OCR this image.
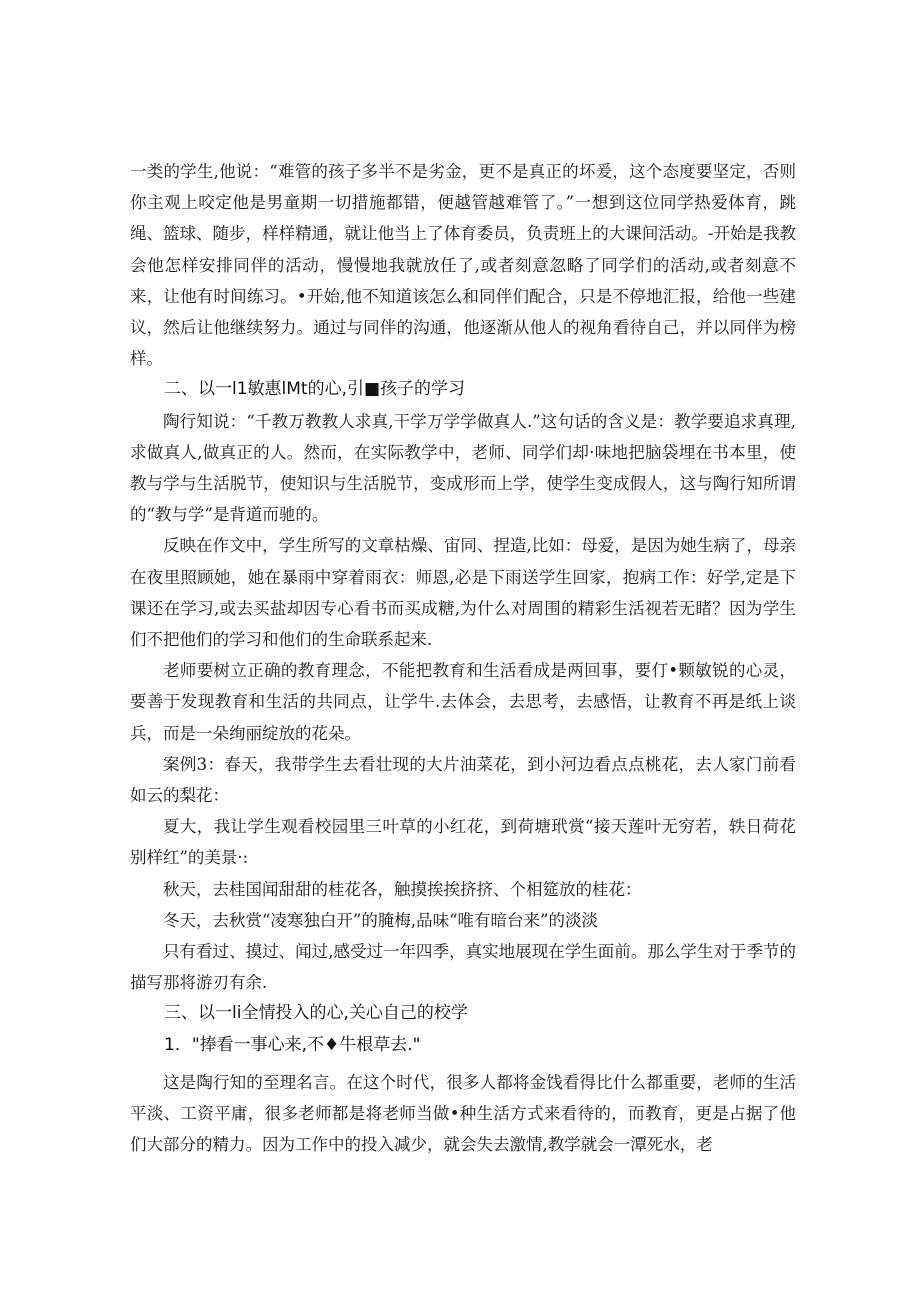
一类的学生,他说：“难管的孩子多半不是劣金，更不是真正的坏爰，这个态度要坚定，否则你主观上咬定他是男童期一切措施都错，便越管越难管了。”一想到这位同学热爱体育，跳绳、篮球、随步，样样精通，就让他当上了体育委员，负责班上的大课间活动。-开始是我教会他怎样安排同伴的活动，慢慢地我就放任了,或者刻意忽略了同学们的活动,或者刻意不来，让他有时间练习。•开始,他不知道该怎么和同伴们配合，只是不停地汇报，给他一些建议，然后让他继续努力。通过与同伴的沟通，他逐渐从他人的视角看待自己，并以同伴为榜样。

二、以一l1敏惠lMt的心,引■孩子的学习

陶行知说：“千教万教教人求真,干学万学学做真人.”这句话的含义是：教学要追求真理,求做真人,做真正的人。然而，在实际教学中，老师、同学们却·味地把脑袋埋在书本里，使教与学与生活脱节，使知识与生活脱节，变成形而上学，使学生变成假人，这与陶行知所谓的“教与学”是背道而驰的。

反映在作文中，学生所写的文章枯燥、宙同、捏造,比如：母爱，是因为她生病了，母亲在夜里照顾她，她在暴雨中穿着雨衣：师恩,必是下雨送学生回家，抱病工作：好学,定是下课还在学习,或去买盐却因专心看书而买成糖,为什么对周围的精彩生活视若无睹？因为学生们不把他们的学习和他们的生命联系起来.

老师要树立正确的教育理念，不能把教育和生活看成是两回事，要仃•颗敏锐的心灵，要善于发现教育和生活的共同点，让学牛.去体会，去思考，去感悟，让教育不再是纸上谈兵，而是一朵绚丽绽放的花朵。

案例3：春天，我带学生去看壮现的大片油菜花，到小河边看点点桃花，去人家门前看如云的梨花：

夏大，我让学生观看校园里三叶草的小红花，到荷塘玳赏“接天莲叶无穷若，轶日荷花别样红”的美景·:

秋天，去桂国闻甜甜的桂花各，触摸挨挨挤挤、个相筵放的桂花：

冬天，去秋赏“凌寒独白开”的腌梅,品味“唯有暗台来”的淡淡

只有看过、摸过、闻过,感受过一年四季，真实地展现在学生面前。那么学生对于季节的描写那将游刃有余.

三、以一li全情投入的心,关心自己的校学

1．"捧看一事心来,不♦牛根草去."

这是陶行知的至理名言。在这个时代，很多人都将金饯看得比什么都重要，老师的生活平淡、工资平庸，很多老师都是将老师当做•种生活方式来看待的，而教育，更是占据了他们大部分的精力。因为工作中的投入减少，就会失去激情,教学就会一潭死水，老
